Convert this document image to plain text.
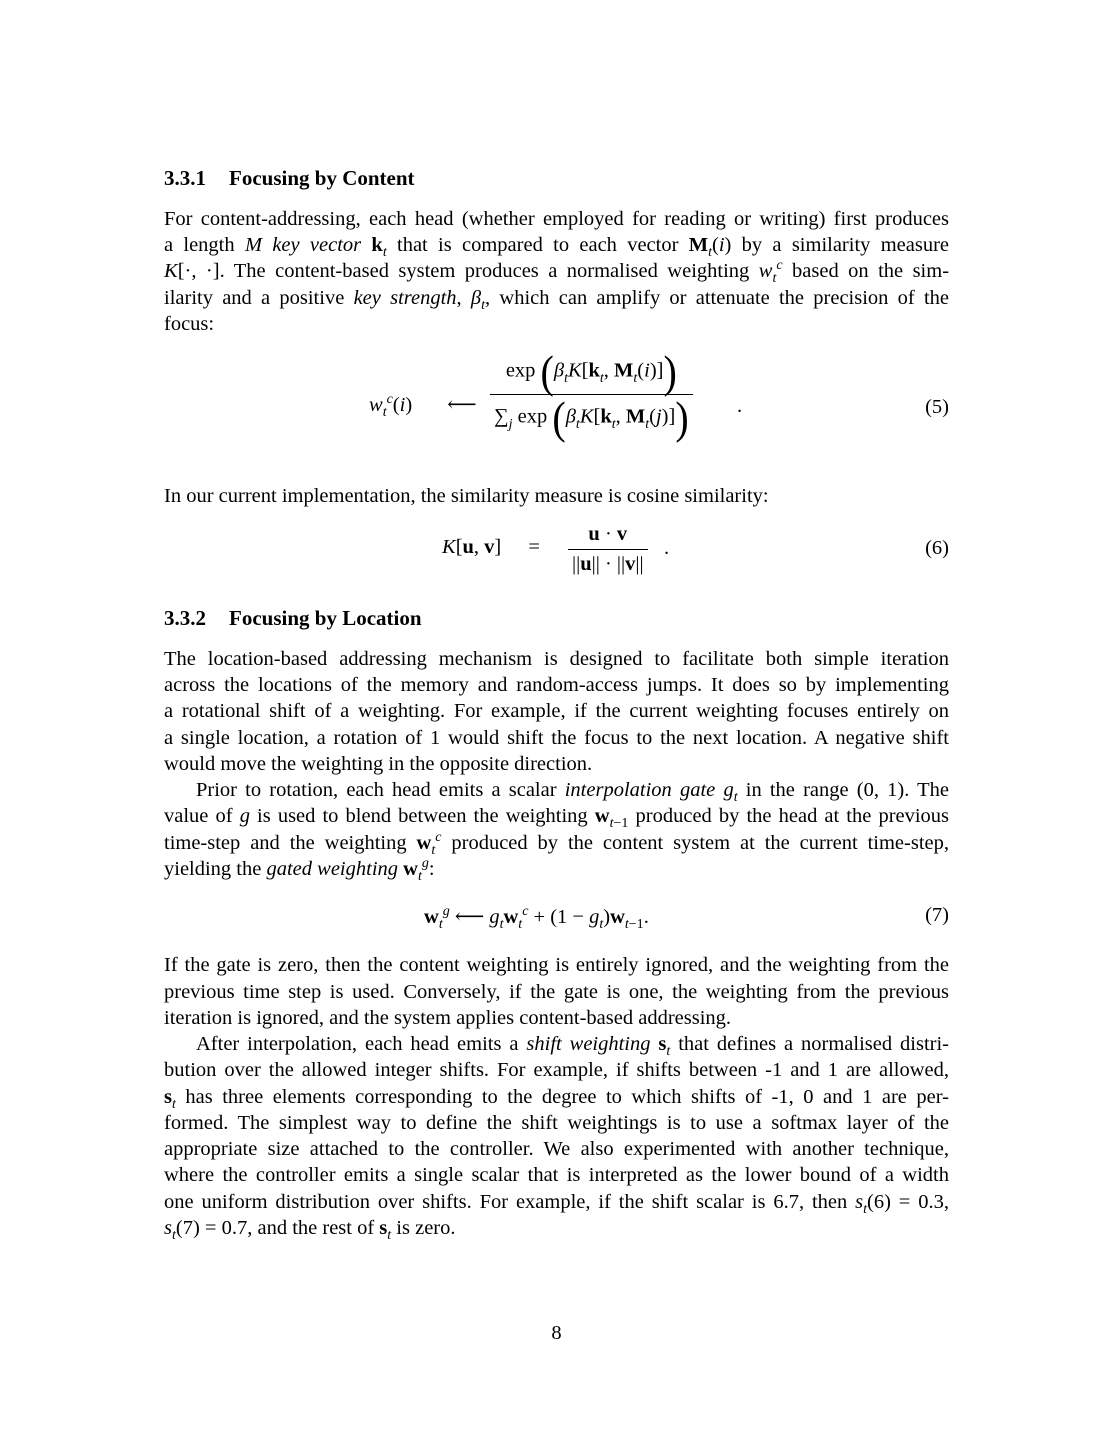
3.3.1 Focusing by Content
For content-addressing, each head (whether employed for reading or writing) first produces
a length M key vector $k_t$ that is compared to each vector $M_t(i)$ by a similarity measure
K[·, ·]. The content-based system produces a normalised weighting $w_t^c$ based on the sim-
ilarity and a positive key strength, $\beta_t$, which can amplify or attenuate the precision of the
focus:
$w_t^c(i)$ ⟵
$\exp (\beta_tK[k_t$, $M_t(i)$])
$\sum_j$ $\exp (\beta_tK[k_t$, $M_t(j)$]) .	(5)
In our current implementation, the similarity measure is cosine similarity:
K[u, $v] = \frac{u \cdot v}{||u|| \cdot ||v||}$ .	(6)
3.3.2 Focusing by Location
The location-based addressing mechanism is designed to facilitate both simple iteration
across the locations of the memory and random-access jumps. It does so by implementing
a rotational shift of a weighting. For example, if the current weighting focuses entirely on
a single location, a rotation of 1 would shift the focus to the next location. A negative shift
would move the weighting in the opposite direction.
Prior to rotation, each head emits a scalar interpolation gate $g_t$ in the range (0, 1). The
value of g is used to blend between the weighting $w_{t-1}$ produced by the head at the previous
time-step and the weighting $w_t^c$ produced by the content system at the current time-step,
yielding the gated weighting $w_t^g$:
$w_t^g$ ⟵ $g_tw_t^c + (1 - g_t)w_{t-1}$.	(7)
If the gate is zero, then the content weighting is entirely ignored, and the weighting from the
previous time step is used. Conversely, if the gate is one, the weighting from the previous
iteration is ignored, and the system applies content-based addressing.
After interpolation, each head emits a shift weighting $s_t$ that defines a normalised distri-
bution over the allowed integer shifts. For example, if shifts between -1 and 1 are allowed,
$s_t$ has three elements corresponding to the degree to which shifts of -1, 0 and 1 are per-
formed. The simplest way to define the shift weightings is to use a softmax layer of the
appropriate size attached to the controller. We also experimented with another technique,
where the controller emits a single scalar that is interpreted as the lower bound of a width
one uniform distribution over shifts. For example, if the shift scalar is 6.7, then $s_t(6) = 0.3$,
$s_t(7) = 0.7$, and the rest of $s_t$ is zero.
8
